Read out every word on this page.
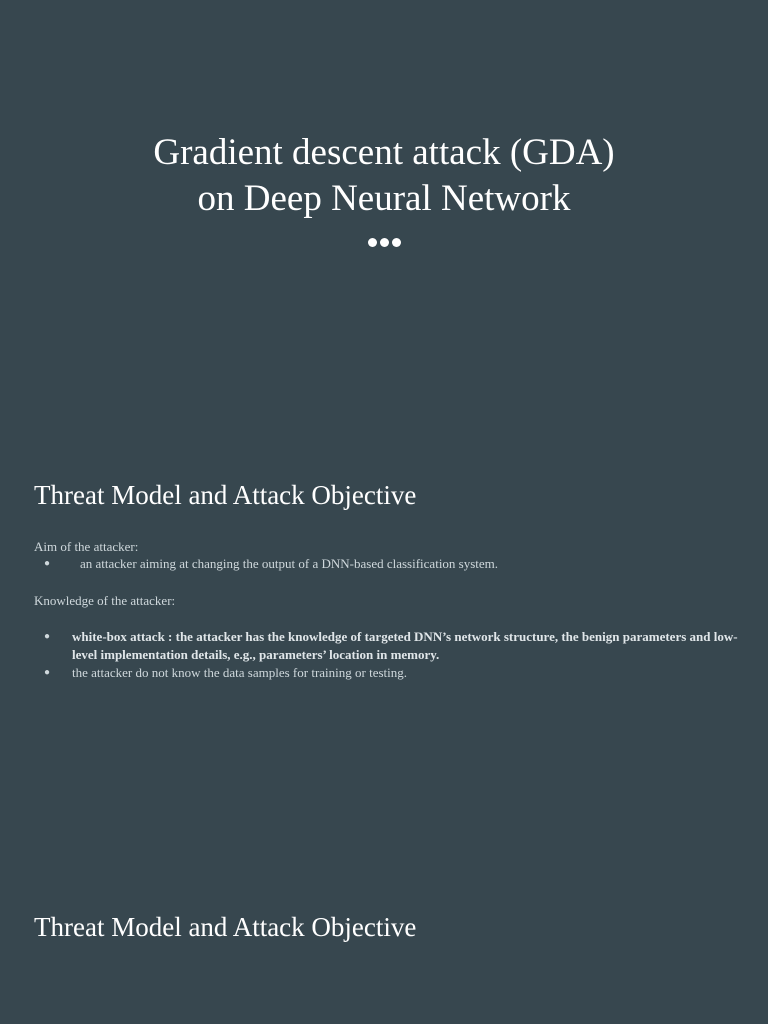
Gradient descent attack (GDA)
on Deep Neural Network
Threat Model and Attack Objective
Aim of the attacker:
●	an attacker aiming at changing the output of a DNN-based classification system.
Knowledge of the attacker:
●	white-box attack : the attacker has the knowledge of targeted DNN’s network structure, the benign parameters and low-level implementation details, e.g., parameters’ location in memory.
●	the attacker do not know the data samples for training or testing.
Threat Model and Attack Objective
